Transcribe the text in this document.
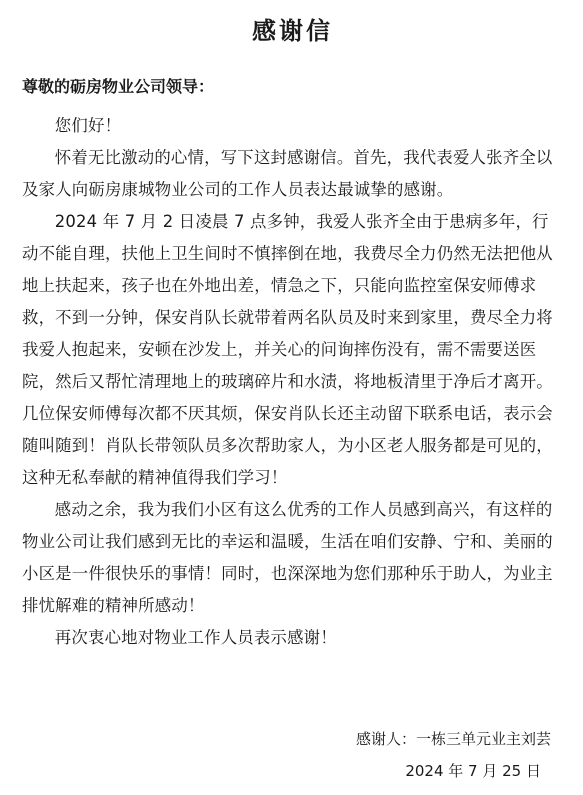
感谢信
尊敬的砺房物业公司领导：

您们好！

怀着无比激动的心情，写下这封感谢信。首先，我代表爱人张齐全以及家人向砺房康城物业公司的工作人员表达最诚挚的感谢。

2024 年 7 月 2 日凌晨 7 点多钟，我爱人张齐全由于患病多年，行动不能自理，扶他上卫生间时不慎摔倒在地，我费尽全力仍然无法把他从地上扶起来，孩子也在外地出差，情急之下，只能向监控室保安师傅求救，不到一分钟，保安肖队长就带着两名队员及时来到家里，费尽全力将我爱人抱起来，安顿在沙发上，并关心的问询摔伤没有，需不需要送医院，然后又帮忙清理地上的玻璃碎片和水渍，将地板清里于净后才离开。几位保安师傅每次都不厌其烦，保安肖队长还主动留下联系电话，表示会随叫随到！肖队长带领队员多次帮助家人，为小区老人服务都是可见的，这种无私奉献的精神值得我们学习！

感动之余，我为我们小区有这么优秀的工作人员感到高兴，有这样的物业公司让我们感到无比的幸运和温暖，生活在咱们安静、宁和、美丽的小区是一件很快乐的事情！同时，也深深地为您们那种乐于助人，为业主排忧解难的精神所感动！

再次衷心地对物业工作人员表示感谢！

感谢人：一栋三单元业主刘芸
2024 年 7 月 25 日
